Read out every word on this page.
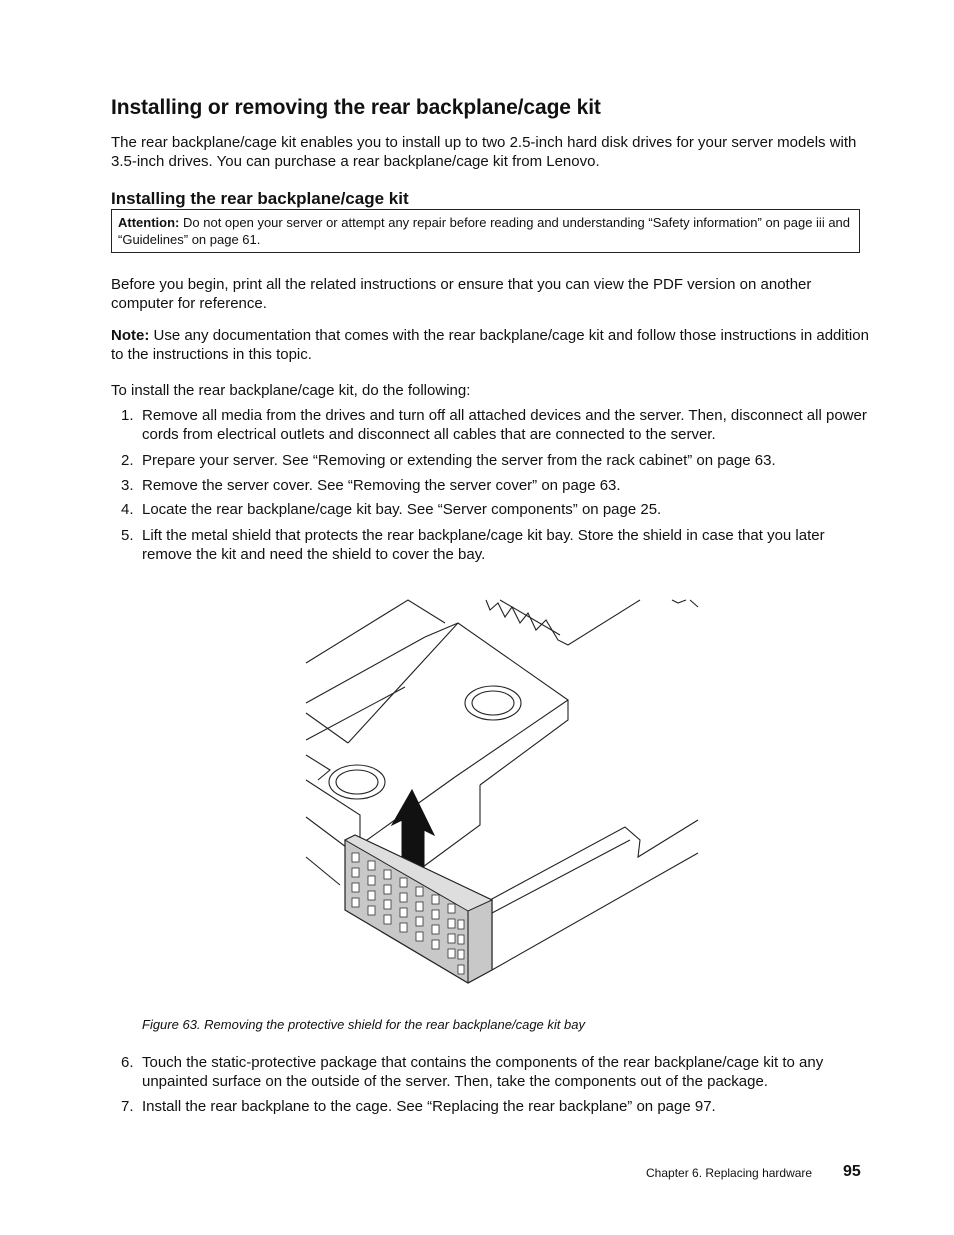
Installing or removing the rear backplane/cage kit
The rear backplane/cage kit enables you to install up to two 2.5-inch hard disk drives for your server models with 3.5-inch drives. You can purchase a rear backplane/cage kit from Lenovo.
Installing the rear backplane/cage kit
Attention: Do not open your server or attempt any repair before reading and understanding “Safety information” on page iii and “Guidelines” on page 61.
Before you begin, print all the related instructions or ensure that you can view the PDF version on another computer for reference.
Note: Use any documentation that comes with the rear backplane/cage kit and follow those instructions in addition to the instructions in this topic.
To install the rear backplane/cage kit, do the following:
1. Remove all media from the drives and turn off all attached devices and the server. Then, disconnect all power cords from electrical outlets and disconnect all cables that are connected to the server.
2. Prepare your server. See “Removing or extending the server from the rack cabinet” on page 63.
3. Remove the server cover. See “Removing the server cover” on page 63.
4. Locate the rear backplane/cage kit bay. See “Server components” on page 25.
5. Lift the metal shield that protects the rear backplane/cage kit bay. Store the shield in case that you later remove the kit and need the shield to cover the bay.
Figure 63. Removing the protective shield for the rear backplane/cage kit bay
6. Touch the static-protective package that contains the components of the rear backplane/cage kit to any unpainted surface on the outside of the server. Then, take the components out of the package.
7. Install the rear backplane to the cage. See “Replacing the rear backplane” on page 97.
Chapter 6. Replacing hardware 95
